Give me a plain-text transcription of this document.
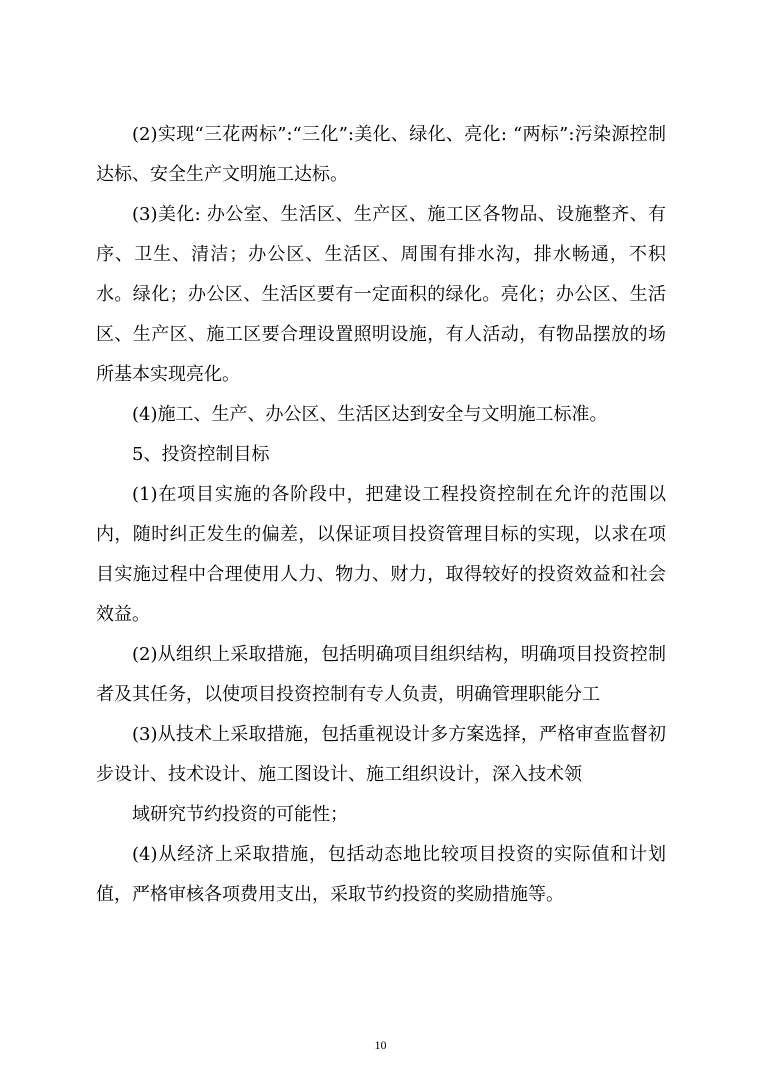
(2)实现“三花两标”:“三化”:美化、绿化、亮化: “两标”:污染源控制达标、安全生产文明施工达标。

(3)美化: 办公室、生活区、生产区、施工区各物品、设施整齐、有序、卫生、清洁；办公区、生活区、周围有排水沟，排水畅通，不积水。绿化；办公区、生活区要有一定面积的绿化。亮化；办公区、生活区、生产区、施工区要合理设置照明设施，有人活动，有物品摆放的场所基本实现亮化。

(4)施工、生产、办公区、生活区达到安全与文明施工标准。

5、投资控制目标

(1)在项目实施的各阶段中，把建设工程投资控制在允许的范围以内，随时纠正发生的偏差，以保证项目投资管理目标的实现，以求在项目实施过程中合理使用人力、物力、财力，取得较好的投资效益和社会效益。

(2)从组织上采取措施，包括明确项目组织结构，明确项目投资控制者及其任务，以使项目投资控制有专人负责，明确管理职能分工

(3)从技术上采取措施，包括重视设计多方案选择，严格审查监督初步设计、技术设计、施工图设计、施工组织设计，深入技术领

域研究节约投资的可能性；

(4)从经济上采取措施，包括动态地比较项目投资的实际值和计划值，严格审核各项费用支出，采取节约投资的奖励措施等。

10
